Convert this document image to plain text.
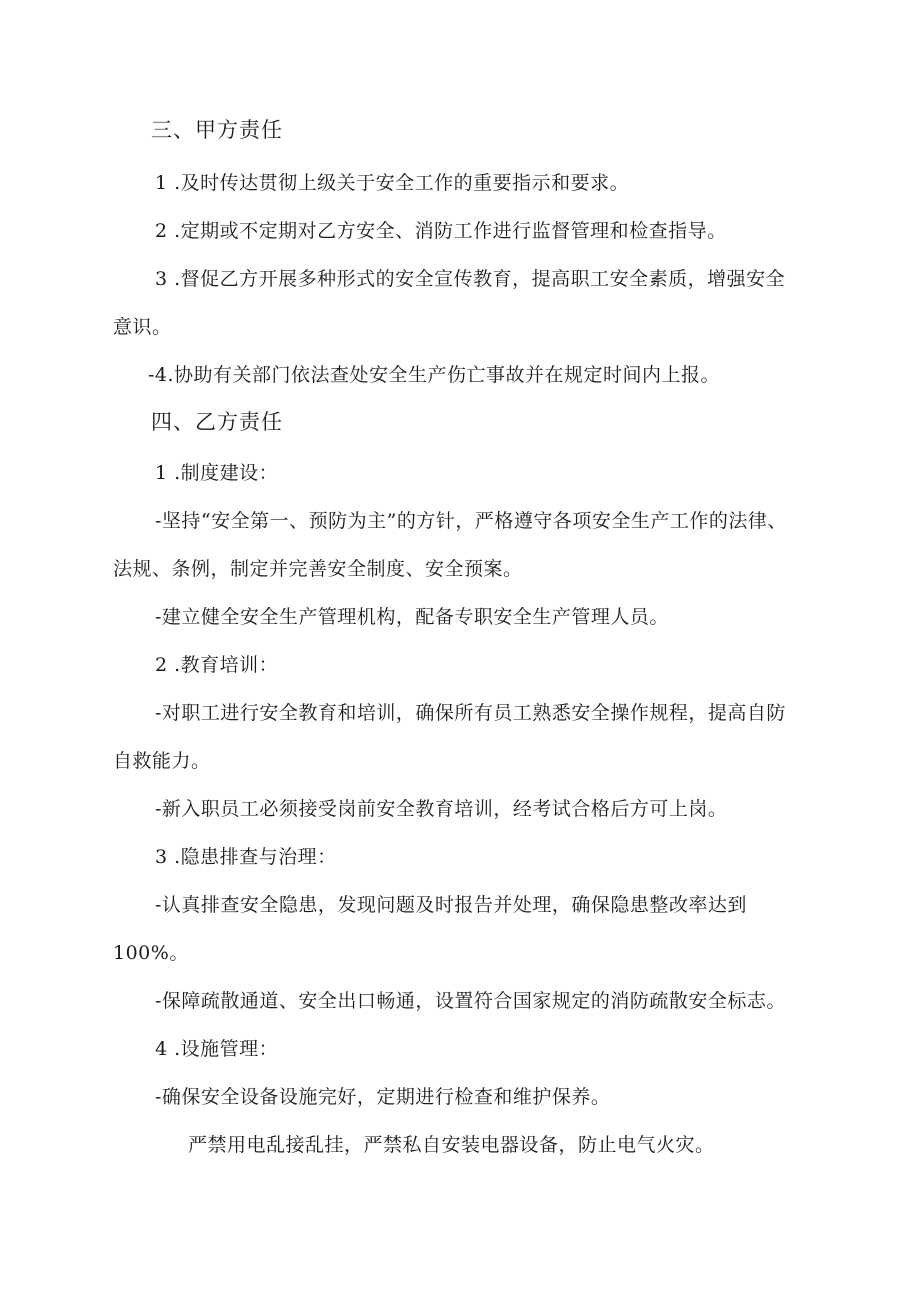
三、甲方责任
1 .及时传达贯彻上级关于安全工作的重要指示和要求。
2 .定期或不定期对乙方安全、消防工作进行监督管理和检查指导。
3 .督促乙方开展多种形式的安全宣传教育，提高职工安全素质，增强安全
意识。
-4.协助有关部门依法查处安全生产伤亡事故并在规定时间内上报。
四、乙方责任
1 .制度建设：
-坚持“安全第一、预防为主”的方针，严格遵守各项安全生产工作的法律、
法规、条例，制定并完善安全制度、安全预案。
-建立健全安全生产管理机构，配备专职安全生产管理人员。
2 .教育培训：
-对职工进行安全教育和培训，确保所有员工熟悉安全操作规程，提高自防
自救能力。
-新入职员工必须接受岗前安全教育培训，经考试合格后方可上岗。
3 .隐患排查与治理：
-认真排查安全隐患，发现问题及时报告并处理，确保隐患整改率达到
100%。
-保障疏散通道、安全出口畅通，设置符合国家规定的消防疏散安全标志。
4 .设施管理：
-确保安全设备设施完好，定期进行检查和维护保养。
严禁用电乱接乱挂，严禁私自安装电器设备，防止电气火灾。
